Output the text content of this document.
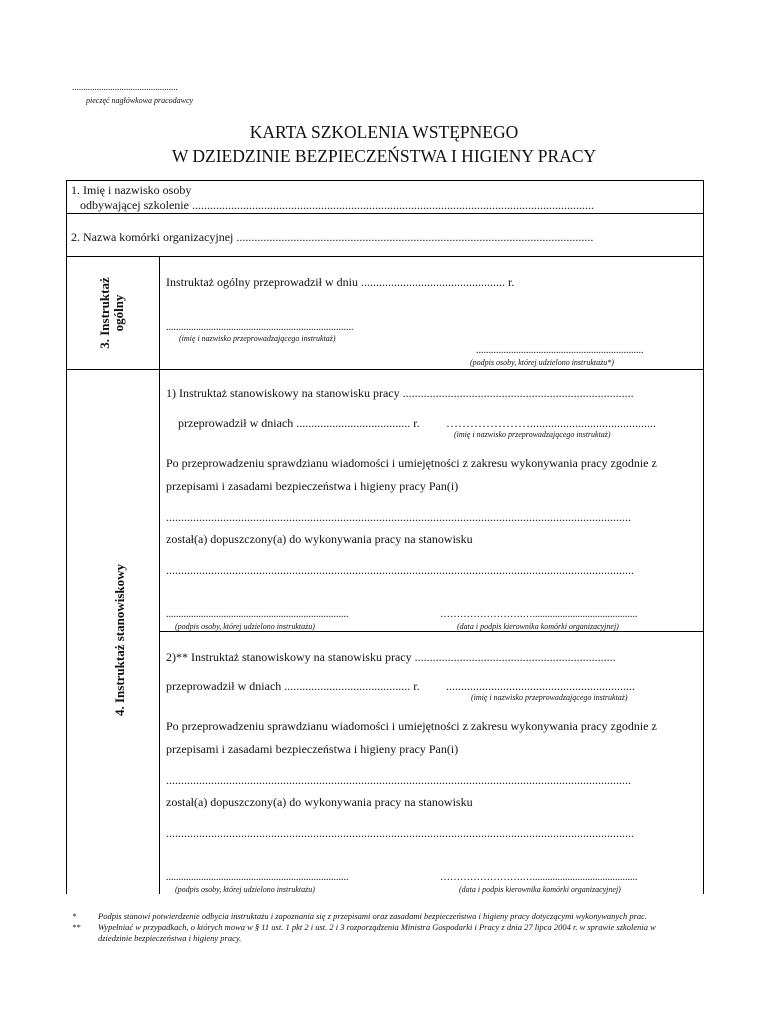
...............................................
pieczęć nagłówkowa pracodawcy
KARTA SZKOLENIA WSTĘPNEGO
W DZIEDZINIE BEZPIECZEŃSTWA I HIGIENY PRACY
1. Imię i nazwisko osoby
odbywającej szkolenie ......................................................................................................................................
2. Nazwa komórki organizacyjnej .......................................................................................................................
3. Instruktaż ogólny
Instruktaż ogólny przeprowadził w dniu ................................................ r.
...........................................................................
(imię i nazwisko przeprowadzającego instruktaż)
...................................................................
(podpis osoby, której udzielono instruktażu*)
4. Instruktaż stanowiskowy
1) Instruktaż stanowiskowy na stanowisku pracy .............................................................................
przeprowadził w dniach ...................................... r. …………………..........................................
(imię i nazwisko przeprowadzającego instruktaż)
Po przeprowadzeniu sprawdzianu wiadomości i umiejętności z zakresu wykonywania pracy zgodnie z
przepisami i zasadami bezpieczeństwa i higieny pracy Pan(i)
...........................................................................................................................................................
został(a) dopuszczony(a) do wykonywania pracy na stanowisku
............................................................................................................................................................
.........................................................................
(podpis osoby, której udzielono instruktażu)
…………………….…..........................................
(data i podpis kierownika komórki organizacyjnej)
2)** Instruktaż stanowiskowy na stanowisku pracy ...................................................................
przeprowadził w dniach .......................................... r. ...............................................................
(imię i nazwisko przeprowadzającego instruktaż)
Po przeprowadzeniu sprawdzianu wiadomości i umiejętności z zakresu wykonywania pracy zgodnie z
przepisami i zasadami bezpieczeństwa i higieny pracy Pan(i)
...........................................................................................................................................................
został(a) dopuszczony(a) do wykonywania pracy na stanowisku
............................................................................................................................................................
.........................................................................
(podpis osoby, której udzielono instruktażu)
…………………….…..........................................
(data i podpis kierownika komórki organizacyjnej)
*	Podpis stanowi potwierdzenie odbycia instruktażu i zapoznania się z przepisami oraz zasadami bezpieczeństwa i higieny pracy dotyczącymi wykonywanych prac.
** Wypełniać w przypadkach, o których mowa w § 11 ust. 1 pkt 2 i ust. 2 i 3 rozporządzenia Ministra Gospodarki i Pracy z dnia 27 lipca 2004 r. w sprawie szkolenia w
dziedzinie bezpieczeństwa i higieny pracy.
